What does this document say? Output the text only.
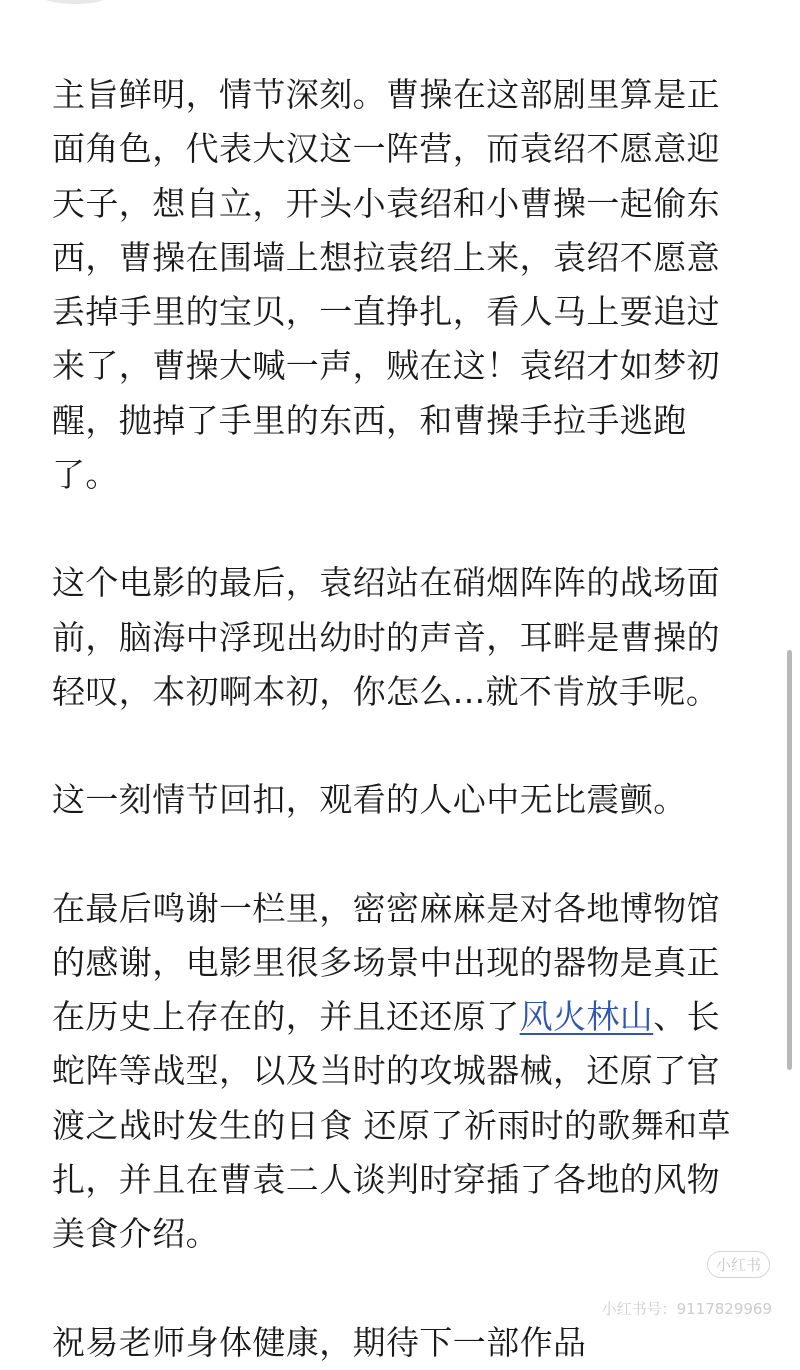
主旨鲜明，情节深刻。曹操在这部剧里算是正面角色，代表大汉这一阵营，而袁绍不愿意迎天子，想自立，开头小袁绍和小曹操一起偷东西，曹操在围墙上想拉袁绍上来，袁绍不愿意丢掉手里的宝贝，一直挣扎，看人马上要追过来了，曹操大喊一声，贼在这！袁绍才如梦初醒，抛掉了手里的东西，和曹操手拉手逃跑了。

这个电影的最后，袁绍站在硝烟阵阵的战场面前，脑海中浮现出幼时的声音，耳畔是曹操的轻叹，本初啊本初，你怎么...就不肯放手呢。

这一刻情节回扣，观看的人心中无比震颤。

在最后鸣谢一栏里，密密麻麻是对各地博物馆的感谢，电影里很多场景中出现的器物是真正在历史上存在的，并且还还原了风火林山、长蛇阵等战型，以及当时的攻城器械，还原了官渡之战时发生的日食 还原了祈雨时的歌舞和草扎，并且在曹袁二人谈判时穿插了各地的风物美食介绍。

祝易老师身体健康，期待下一部作品

小红书
小红书号：9117829969
